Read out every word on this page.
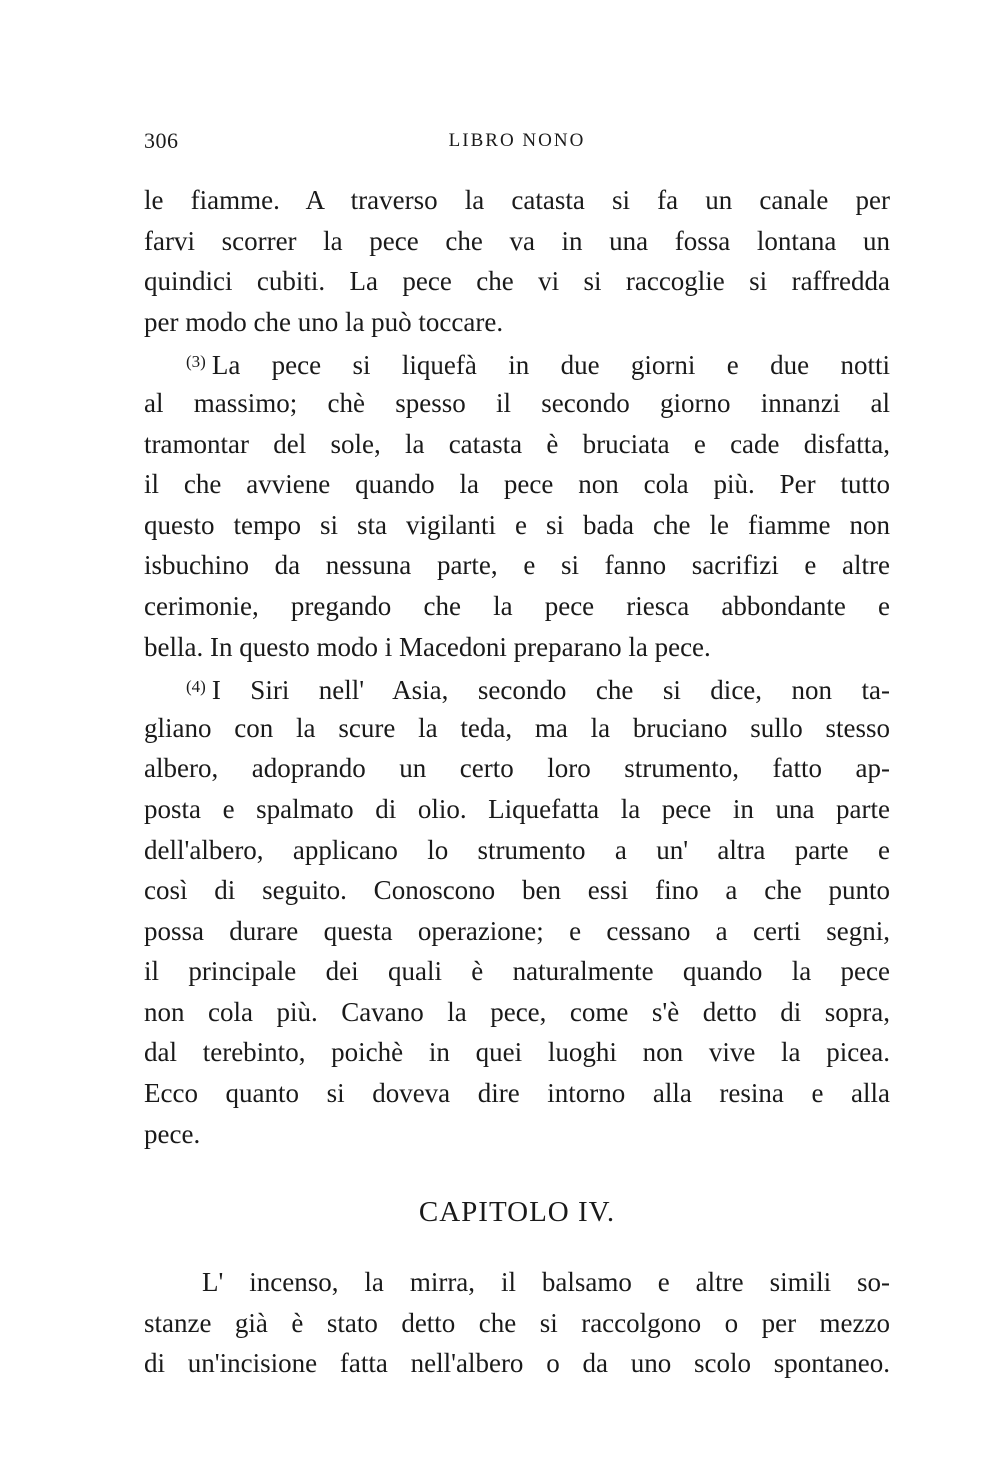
306	LIBRO NONO
le fiamme. A traverso la catasta si fa un canale per
farvi scorrer la pece che va in una fossa lontana un
quindici cubiti. La pece che vi si raccoglie si raffredda
per modo che uno la può toccare.
$^{(3)}$ La pece si liquefà in due giorni e due notti
al massimo; chè spesso il secondo giorno innanzi al
tramontar del sole, la catasta è bruciata e cade disfatta,
il che avviene quando la pece non cola più. Per tutto
questo tempo si sta vigilanti e si bada che le fiamme non
isbuchino da nessuna parte, e si fanno sacrifizi e altre
cerimonie, pregando che la pece riesca abbondante e
bella. In questo modo i Macedoni preparano la pece.
$^{(4)}$ I Siri nell' Asia, secondo che si dice, non ta-
gliano con la scure la teda, ma la bruciano sullo stesso
albero, adoprando un certo loro strumento, fatto ap-
posta e spalmato di olio. Liquefatta la pece in una parte
dell'albero, applicano lo strumento a un' altra parte e
così di seguito. Conoscono ben essi fino a che punto
possa durare questa operazione; e cessano a certi segni,
il principale dei quali è naturalmente quando la pece
non cola più. Cavano la pece, come s'è detto di sopra,
dal terebinto, poichè in quei luoghi non vive la picea.
Ecco quanto si doveva dire intorno alla resina e alla
pece.
CAPITOLO IV.
L' incenso, la mirra, il balsamo e altre simili so-
stanze già è stato detto che si raccolgono o per mezzo
di un'incisione fatta nell'albero o da uno scolo spontaneo.
